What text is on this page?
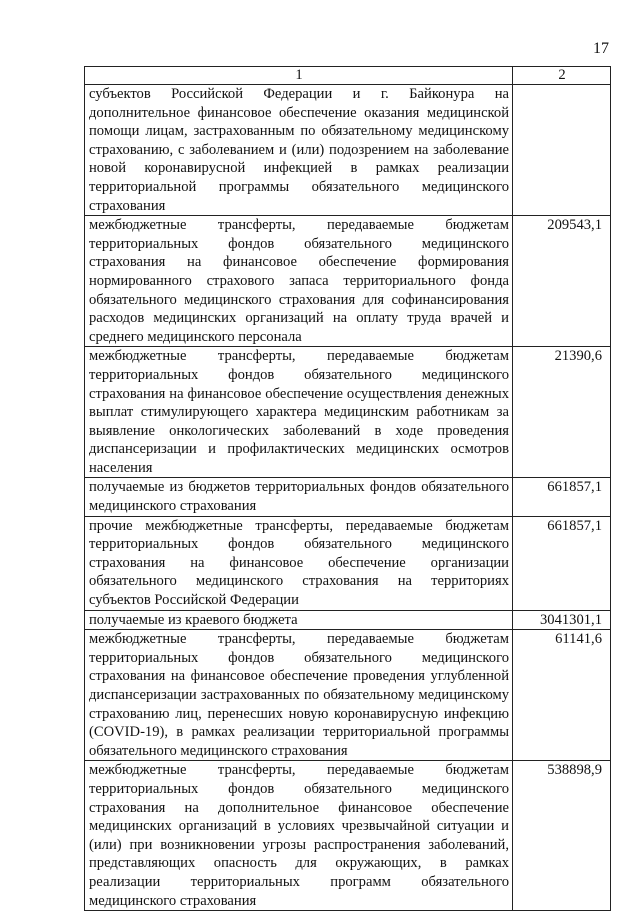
17
1	2
субъектов Российской Федерации и г. Байконура на дополнительное финансовое обеспечение оказания медицинской помощи лицам, застрахованным по обязательному медицинскому страхованию, с заболеванием и (или) подозрением на заболевание новой коронавирусной инфекцией в рамках реализации территориальной программы обязательного медицинского страхования	
межбюджетные трансферты, передаваемые бюджетам территориальных фондов обязательного медицинского страхования на финансовое обеспечение формирования нормированного страхового запаса территориального фонда обязательного медицинского страхования для софинансирования расходов медицинских организаций на оплату труда врачей и среднего медицинского персонала	209543,1
межбюджетные трансферты, передаваемые бюджетам территориальных фондов обязательного медицинского страхования на финансовое обеспечение осуществления денежных выплат стимулирующего характера медицинским работникам за выявление онкологических заболеваний в ходе проведения диспансеризации и профилактических медицинских осмотров населения	21390,6
получаемые из бюджетов территориальных фондов обязательного медицинского страхования	661857,1
прочие межбюджетные трансферты, передаваемые бюджетам территориальных фондов обязательного медицинского страхования на финансовое обеспечение организации обязательного медицинского страхования на территориях субъектов Российской Федерации	661857,1
получаемые из краевого бюджета	3041301,1
межбюджетные трансферты, передаваемые бюджетам территориальных фондов обязательного медицинского страхования на финансовое обеспечение проведения углубленной диспансеризации застрахованных по обязательному медицинскому страхованию лиц, перенесших новую коронавирусную инфекцию (COVID-19), в рамках реализации территориальной программы обязательного медицинского страхования	61141,6
межбюджетные трансферты, передаваемые бюджетам территориальных фондов обязательного медицинского страхования на дополнительное финансовое обеспечение медицинских организаций в условиях чрезвычайной ситуации и (или) при возникновении угрозы распространения заболеваний, представляющих опасность для окружающих, в рамках реализации территориальных программ обязательного медицинского страхования	538898,9
